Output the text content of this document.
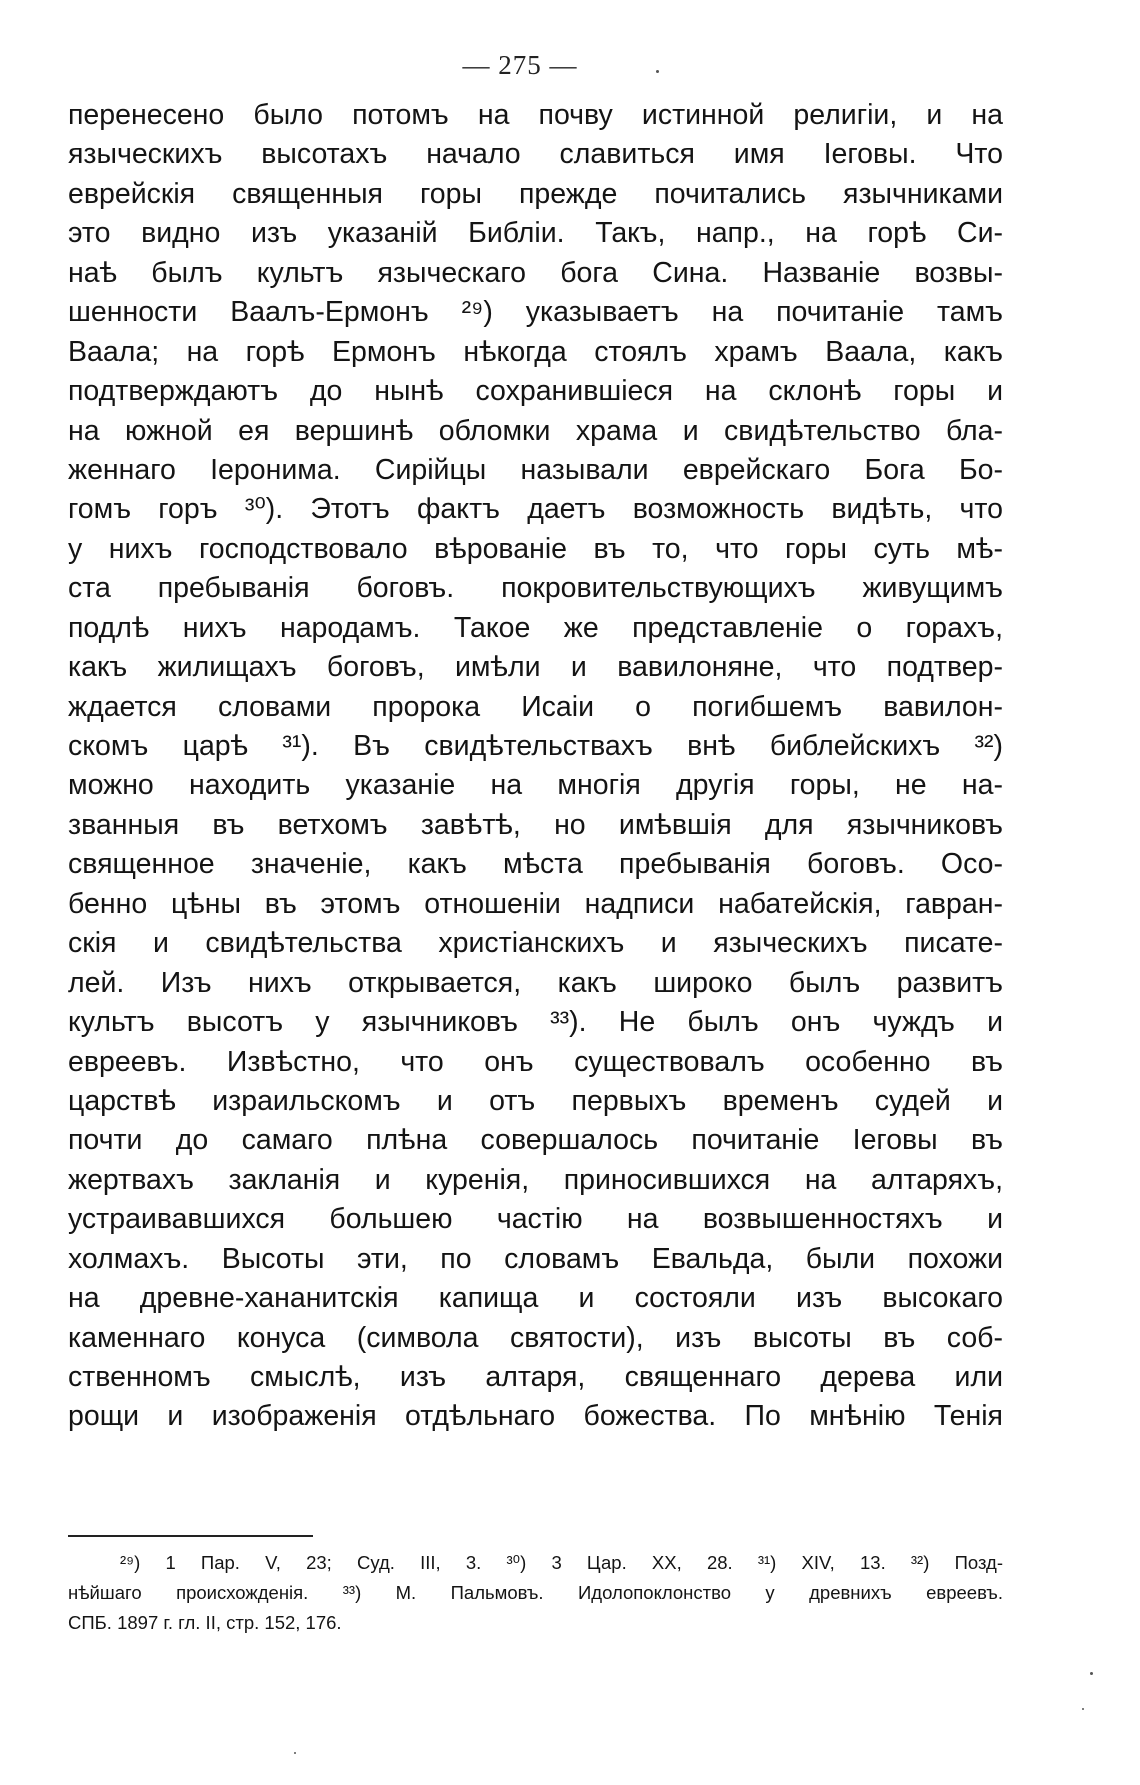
— 275 —
перенесено было потомъ на почву истинной религіи, и на
языческихъ высотахъ начало славиться имя Іеговы. Что
еврейскія священныя горы прежде почитались язычниками
это видно изъ указаній Библіи. Такъ, напр., на горѣ Си-
наѣ былъ культъ языческаго бога Сина. Названіе возвы-
шенности Ваалъ-Ермонъ ²⁹) указываетъ на почитаніе тамъ
Ваала; на горѣ Ермонъ нѣкогда стоялъ храмъ Ваала, какъ
подтверждаютъ до нынѣ сохранившіеся на склонѣ горы и
на южной ея вершинѣ обломки храма и свидѣтельство бла-
женнаго Іеронима. Сирійцы называли еврейскаго Бога Бо-
гомъ горъ ³⁰). Этотъ фактъ даетъ возможность видѣть, что
у нихъ господствовало вѣрованіе въ то, что горы суть мѣ-
ста пребыванія боговъ. покровительствующихъ живущимъ
подлѣ нихъ народамъ. Такое же представленіе о горахъ,
какъ жилищахъ боговъ, имѣли и вавилоняне, что подтвер-
ждается словами пророка Исаіи о погибшемъ вавилон-
скомъ царѣ ³¹). Въ свидѣтельствахъ внѣ библейскихъ ³²)
можно находить указаніе на многія другія горы, не на-
званныя въ ветхомъ завѣтѣ, но имѣвшія для язычниковъ
священное значеніе, какъ мѣста пребыванія боговъ. Осо-
бенно цѣны въ этомъ отношеніи надписи набатейскія, гавран-
скія и свидѣтельства христіанскихъ и языческихъ писате-
лей. Изъ нихъ открывается, какъ широко былъ развитъ
культъ высотъ у язычниковъ ³³). Не былъ онъ чуждъ и
евреевъ. Извѣстно, что онъ существовалъ особенно въ
царствѣ израильскомъ и отъ первыхъ временъ судей и
почти до самаго плѣна совершалось почитаніе Іеговы въ
жертвахъ закланія и куренія, приносившихся на алтаряхъ,
устраивавшихся большею частію на возвышенностяхъ и
холмахъ. Высоты эти, по словамъ Евальда, были похожи
на древне-хананитскія капища и состояли изъ высокаго
каменнаго конуса (символа святости), изъ высоты въ соб-
ственномъ смыслѣ, изъ алтаря, священнаго дерева или
рощи и изображенія отдѣльнаго божества. По мнѣнію Тенія
²⁹) 1 Пар. V, 23; Суд. III, 3. ³⁰) 3 Цар. XX, 28. ³¹) XIV, 13. ³²) Позд-
нѣйшаго происхожденія. ³³) М. Пальмовъ. Идолопоклонство у древнихъ евреевъ.
СПБ. 1897 г. гл. II, стр. 152, 176.
